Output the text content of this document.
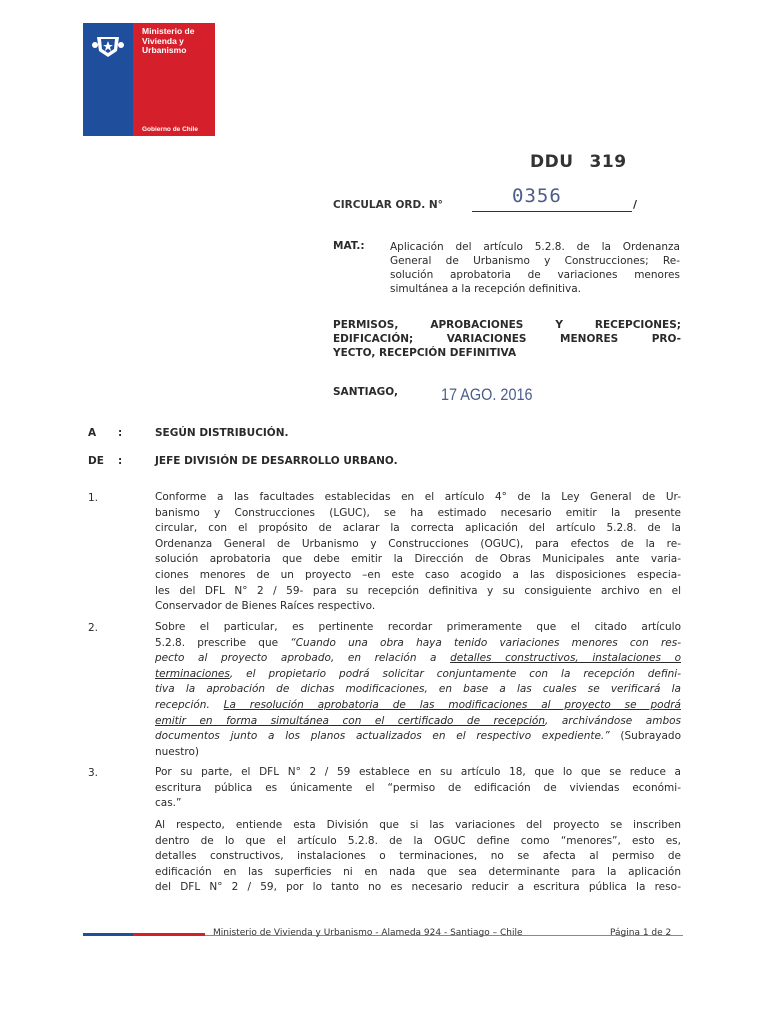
Ministerio de
Vivienda y
Urbanismo
Gobierno de Chile
DDU 319
CIRCULAR ORD. N°	0356	/
MAT.: Aplicación del artículo 5.2.8. de la Ordenanza
General de Urbanismo y Construcciones; Re-
solución aprobatoria de variaciones menores
simultánea a la recepción definitiva.
PERMISOS, APROBACIONES Y RECEPCIONES;
EDIFICACIÓN; VARIACIONES MENORES PRO-
YECTO, RECEPCIÓN DEFINITIVA
SANTIAGO,	17 AGO. 2016
A :	SEGÚN DISTRIBUCIÓN.
DE :	JEFE DIVISIÓN DE DESARROLLO URBANO.
1.	Conforme a las facultades establecidas en el artículo 4° de la Ley General de Ur-
banismo y Construcciones (LGUC), se ha estimado necesario emitir la presente
circular, con el propósito de aclarar la correcta aplicación del artículo 5.2.8. de la
Ordenanza General de Urbanismo y Construcciones (OGUC), para efectos de la re-
solución aprobatoria que debe emitir la Dirección de Obras Municipales ante varia-
ciones menores de un proyecto –en este caso acogido a las disposiciones especia-
les del DFL N° 2 / 59- para su recepción definitiva y su consiguiente archivo en el
Conservador de Bienes Raíces respectivo.
2.	Sobre el particular, es pertinente recordar primeramente que el citado artículo
5.2.8. prescribe que “Cuando una obra haya tenido variaciones menores con res-
pecto al proyecto aprobado, en relación a detalles constructivos, instalaciones o
terminaciones, el propietario podrá solicitar conjuntamente con la recepción defini-
tiva la aprobación de dichas modificaciones, en base a las cuales se verificará la
recepción. La resolución aprobatoria de las modificaciones al proyecto se podrá
emitir en forma simultánea con el certificado de recepción, archivándose ambos
documentos junto a los planos actualizados en el respectivo expediente.” (Subrayado
nuestro)
3.	Por su parte, el DFL N° 2 / 59 establece en su artículo 18, que lo que se reduce a
escritura pública es únicamente el “permiso de edificación de viviendas económi-
cas.”
Al respecto, entiende esta División que si las variaciones del proyecto se inscriben
dentro de lo que el artículo 5.2.8. de la OGUC define como “menores”, esto es,
detalles constructivos, instalaciones o terminaciones, no se afecta al permiso de
edificación en las superficies ni en nada que sea determinante para la aplicación
del DFL N° 2 / 59, por lo tanto no es necesario reducir a escritura pública la reso-
Ministerio de Vivienda y Urbanismo - Alameda 924 - Santiago – Chile	Página 1 de 2
